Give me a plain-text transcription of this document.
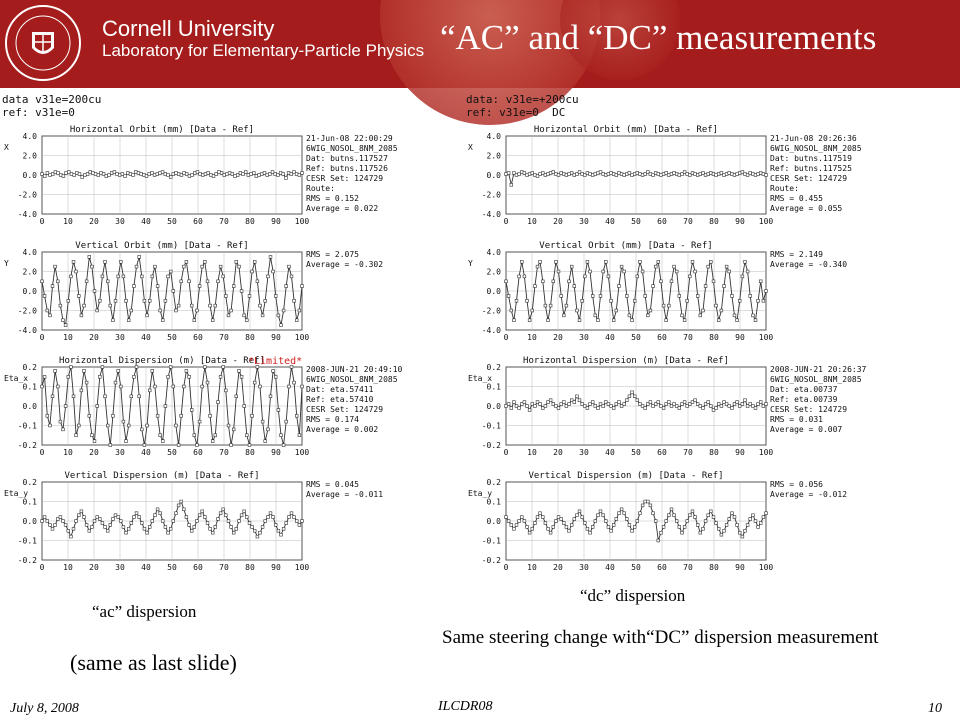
Cornell University
Laboratory for Elementary-Particle Physics “AC” and “DC” measurements
data v31e=200cu
ref: v31e=0
data: v31e=+200cu
ref: v31e=0  DC
Horizontal Orbit (mm) [Data - Ref]
4.0
2.0
0.0
-2.0
-4.0
X
0 10 20 30 40 50 60 70 80 90 100
21-Jun-08 22:00:29
6WIG_NOSOL_8NM_2085
Dat: butns.117527
Ref: butns.117526
CESR Set: 124729
Route:
RMS = 0.152
Average = 0.022
Vertical Orbit (mm) [Data - Ref]
4.0
2.0
0.0
-2.0
-4.0
Y
0 10 20 30 40 50 60 70 80 90 100
RMS = 2.075
Average = -0.302
Horizontal Dispersion (m) [Data - Ref]
0.2
0.1
0.0
-0.1
-0.2
Eta_x
0 10 20 30 40 50 60 70 80 90 100
2008-JUN-21 20:49:10
6WIG_NOSOL_8NM_2085
Dat: eta.57411
Ref: eta.57410
CESR Set: 124729
RMS = 0.174
Average = 0.002
Vertical Dispersion (m) [Data - Ref]
0.2
0.1
0.0
-0.1
-0.2
Eta_y
0 10 20 30 40 50 60 70 80 90 100
RMS = 0.045
Average = -0.011
Horizontal Orbit (mm) [Data - Ref]
4.0
2.0
0.0
-2.0
-4.0
X
0 10 20 30 40 50 60 70 80 90 100
21-Jun-08 20:26:36
6WIG_NOSOL_8NM_2085
Dat: butns.117519
Ref: butns.117525
CESR Set: 124729
Route:
RMS = 0.455
Average = 0.055
Vertical Orbit (mm) [Data - Ref]
4.0
2.0
0.0
-2.0
-4.0
Y
0 10 20 30 40 50 60 70 80 90 100
RMS = 2.149
Average = -0.340
Horizontal Dispersion (m) [Data - Ref]
0.2
0.1
0.0
-0.1
-0.2
Eta_x
0 10 20 30 40 50 60 70 80 90 100
2008-JUN-21 20:26:37
6WIG_NOSOL_8NM_2085
Dat: eta.00737
Ref: eta.00739
CESR Set: 124729
RMS = 0.031
Average = 0.007
Vertical Dispersion (m) [Data - Ref]
0.2
0.1
0.0
-0.1
-0.2
Eta_y
0 10 20 30 40 50 60 70 80 90 100
RMS = 0.056
Average = -0.012
*Limited*
“ac” dispersion
(same as last slide)
“dc” dispersion
Same steering change with“DC” dispersion measurement
July 8, 2008	ILCDR08	10
